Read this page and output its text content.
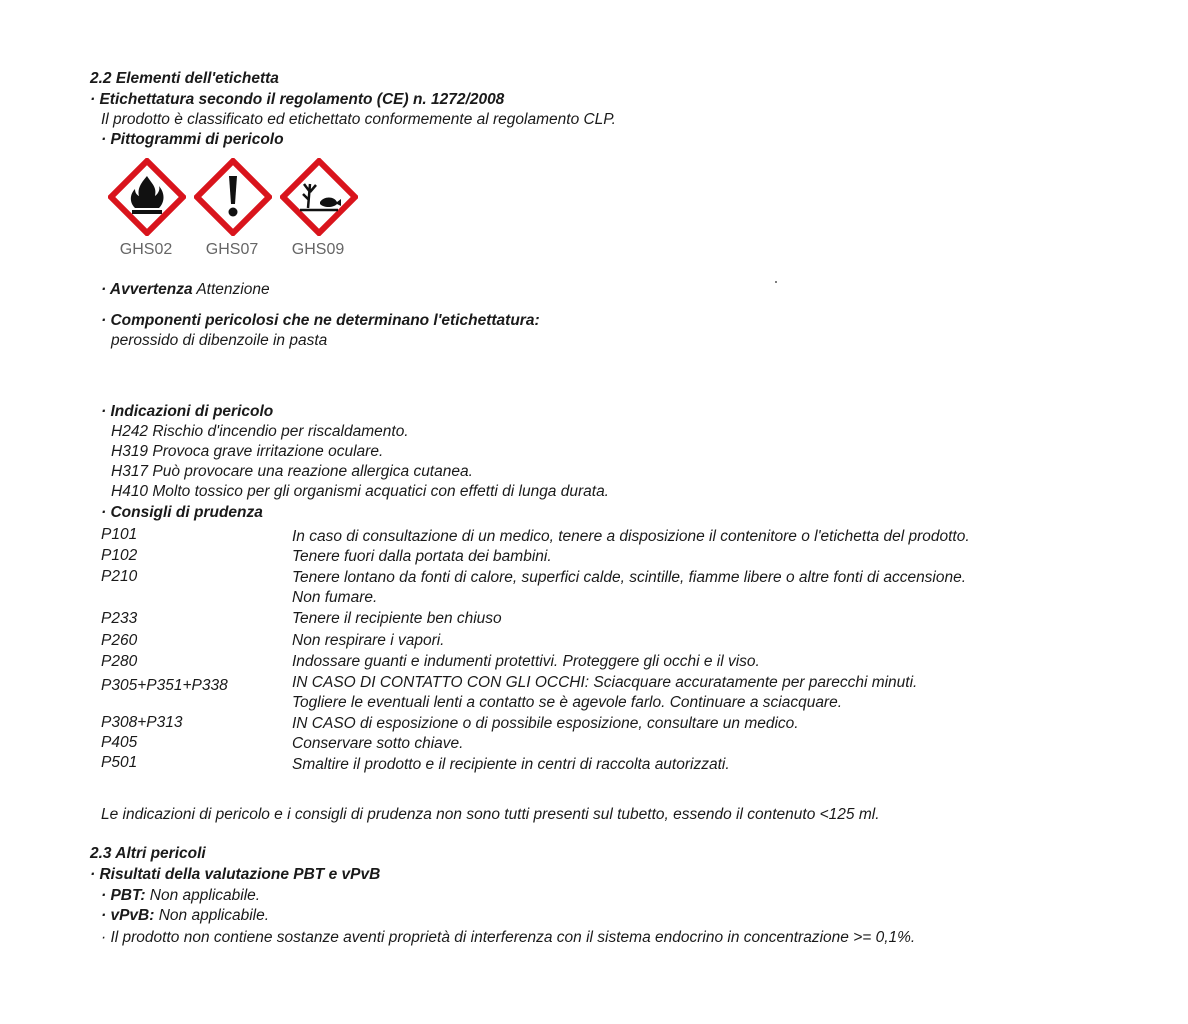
2.2 Elementi dell'etichetta
· Etichettatura secondo il regolamento (CE) n. 1272/2008
Il prodotto è classificato ed etichettato conformemente al regolamento CLP.
· Pittogrammi di pericolo
GHS02	GHS07	GHS09
· Avvertenza Attenzione
· Componenti pericolosi che ne determinano l'etichettatura:
perossido di dibenzoile in pasta
· Indicazioni di pericolo
H242 Rischio d'incendio per riscaldamento.
H319 Provoca grave irritazione oculare.
H317 Può provocare una reazione allergica cutanea.
H410 Molto tossico per gli organismi acquatici con effetti di lunga durata.
· Consigli di prudenza
P101	In caso di consultazione di un medico, tenere a disposizione il contenitore o l'etichetta del prodotto.
P102	Tenere fuori dalla portata dei bambini.
P210	Tenere lontano da fonti di calore, superfici calde, scintille, fiamme libere o altre fonti di accensione.
Non fumare.
P233	Tenere il recipiente ben chiuso
P260	Non respirare i vapori.
P280	Indossare guanti e indumenti protettivi. Proteggere gli occhi e il viso.
P305+P351+P338	IN CASO DI CONTATTO CON GLI OCCHI: Sciacquare accuratamente per parecchi minuti.
Togliere le eventuali lenti a contatto se è agevole farlo. Continuare a sciacquare.
P308+P313	IN CASO di esposizione o di possibile esposizione, consultare un medico.
P405	Conservare sotto chiave.
P501	Smaltire il prodotto e il recipiente in centri di raccolta autorizzati.
Le indicazioni di pericolo e i consigli di prudenza non sono tutti presenti sul tubetto, essendo il contenuto <125 ml.
2.3 Altri pericoli
· Risultati della valutazione PBT e vPvB
· PBT: Non applicabile.
· vPvB: Non applicabile.
· Il prodotto non contiene sostanze aventi proprietà di interferenza con il sistema endocrino in concentrazione >= 0,1%.
